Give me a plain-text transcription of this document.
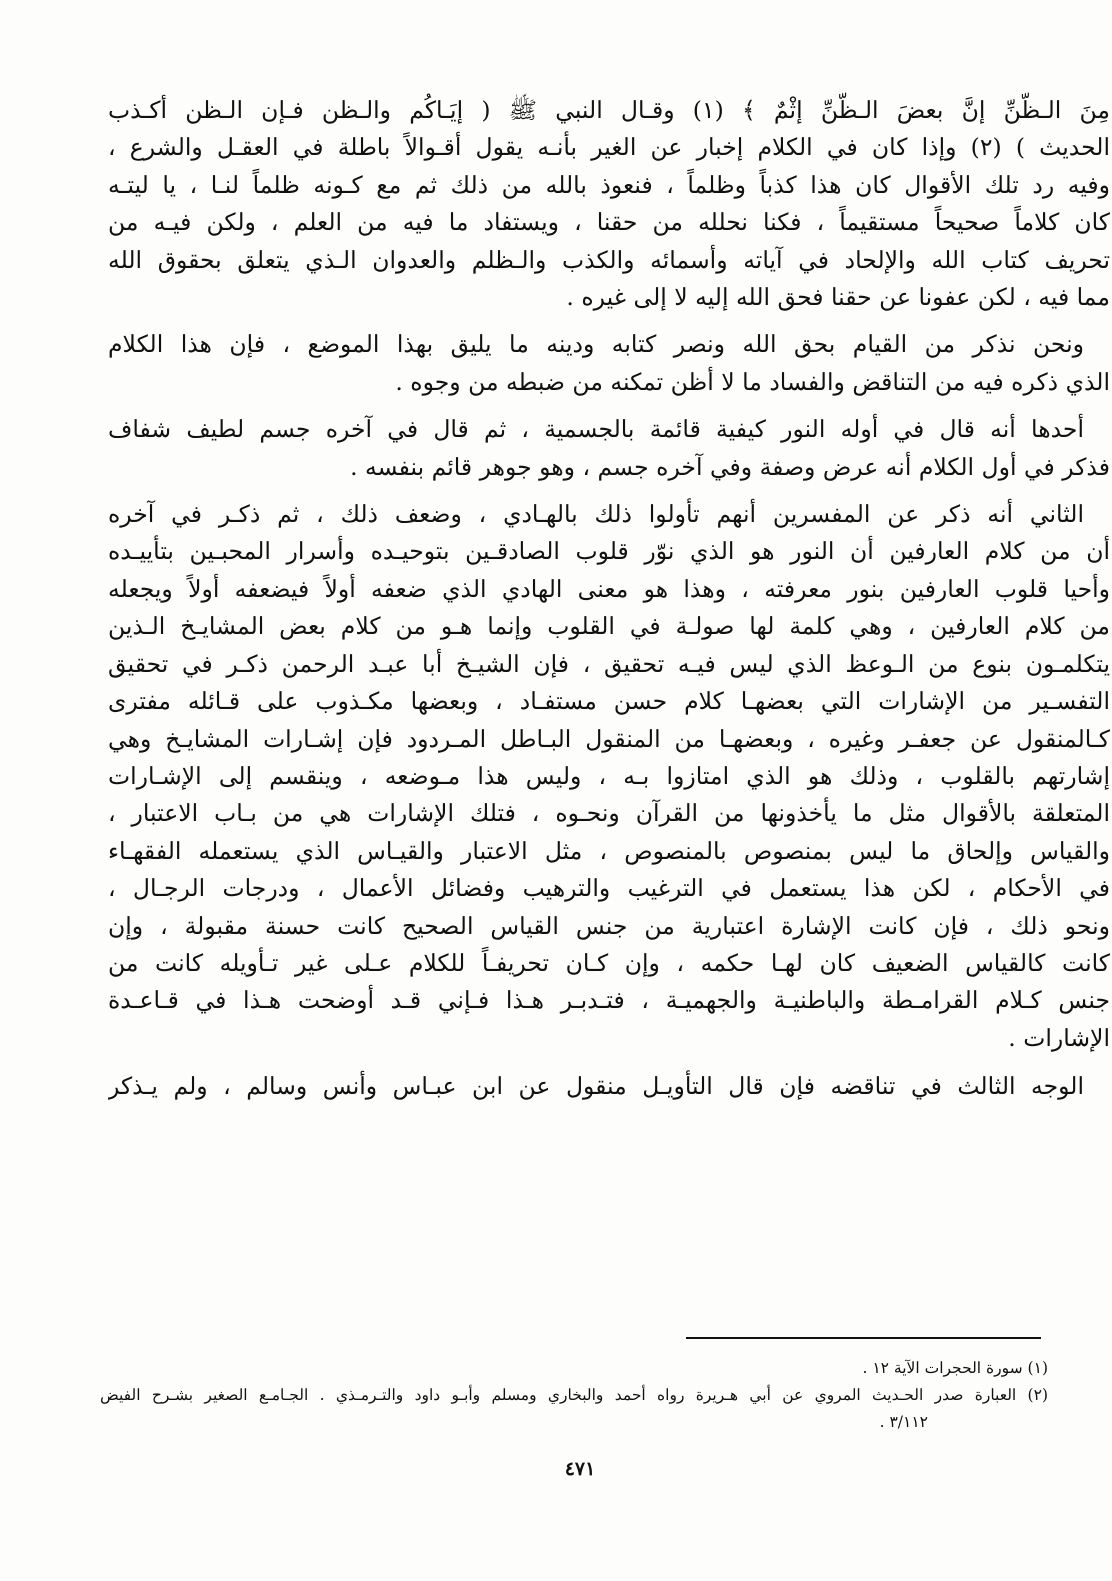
مِنَ الـظَّنِّ إنَّ بعضَ الـظَّنِّ إثْمٌ ﴾ (١) وقـال النبي ﷺ ( إيَـاكُم والـظن فـإن الـظن أكـذب
الحديث ) (٢) وإذا كان في الكلام إخبار عن الغير بأنـه يقول أقـوالاً باطلة في العقـل والشرع ،
وفيه رد تلك الأقوال كان هذا كذباً وظلماً ، فنعوذ بالله من ذلك ثم مع كـونه ظلماً لنـا ، يا ليتـه
كان كلاماً صحيحاً مستقيماً ، فكنا نحلله من حقنا ، ويستفاد ما فيه من العلم ، ولكن فيـه من
تحريف كتاب الله والإلحاد في آياته وأسمائه والكذب والـظلم والعدوان الـذي يتعلق بحقوق الله
مما فيه ، لكن عفونا عن حقنا فحق الله إليه لا إلى غيره .
ونحن نذكر من القيام بحق الله ونصر كتابه ودينه ما يليق بهذا الموضع ، فإن هذا الكلام
الذي ذكره فيه من التناقض والفساد ما لا أظن تمكنه من ضبطه من وجوه .
أحدها أنه قال في أوله النور كيفية قائمة بالجسمية ، ثم قال في آخره جسم لطيف شفاف
فذكر في أول الكلام أنه عرض وصفة وفي آخره جسم ، وهو جوهر قائم بنفسه .
الثاني أنه ذكر عن المفسرين أنهم تأولوا ذلك بالهـادي ، وضعف ذلك ، ثم ذكـر في آخره
أن من كلام العارفين أن النور هو الذي نوّر قلوب الصادقـين بتوحيـده وأسرار المحبـين بتأييـده
وأحيا قلوب العارفين بنور معرفته ، وهذا هو معنى الهادي الذي ضعفه أولاً فيضعفه أولاً ويجعله
من كلام العارفين ، وهي كلمة لها صولـة في القلوب وإنما هـو من كلام بعض المشايـخ الـذين
يتكلمـون بنوع من الـوعظ الذي ليس فيـه تحقيق ، فإن الشيـخ أبا عبـد الرحمن ذكـر في تحقيق
التفسـير من الإشارات التي بعضهـا كلام حسن مستفـاد ، وبعضها مكـذوب على قـائله مفترى
كـالمنقول عن جعفـر وغيره ، وبعضهـا من المنقول البـاطل المـردود فإن إشـارات المشايـخ وهي
إشارتهم بالقلوب ، وذلك هو الذي امتازوا بـه ، وليس هذا مـوضعه ، وينقسم إلى الإشـارات
المتعلقة بالأقوال مثل ما يأخذونها من القرآن ونحـوه ، فتلك الإشارات هي من بـاب الاعتبار ،
والقياس وإلحاق ما ليس بمنصوص بالمنصوص ، مثل الاعتبار والقيـاس الذي يستعمله الفقهـاء
في الأحكام ، لكن هذا يستعمل في الترغيب والترهيب وفضائل الأعمال ، ودرجات الرجـال ،
ونحو ذلك ، فإن كانت الإشارة اعتبارية من جنس القياس الصحيح كانت حسنة مقبولة ، وإن
كانت كالقياس الضعيف كان لهـا حكمه ، وإن كـان تحريفـاً للكلام عـلى غير تـأويله كانت من
جنس كـلام القرامـطة والباطنيـة والجهميـة ، فتـدبـر هـذا فـإني قـد أوضحت هـذا في قـاعـدة
الإشارات .
الوجه الثالث في تناقضه فإن قال التأويـل منقول عن ابن عبـاس وأنس وسالم ، ولم يـذكر
(١) سورة الحجرات الآية ١٢ .
(٢) العبارة صدر الحـديث المروي عن أبي هـريرة رواه أحمد والبخاري ومسلم وأبـو داود والتـرمـذي . الجـامـع الصغير بشـرح الفيض
٣/١١٢ .
٤٧١
